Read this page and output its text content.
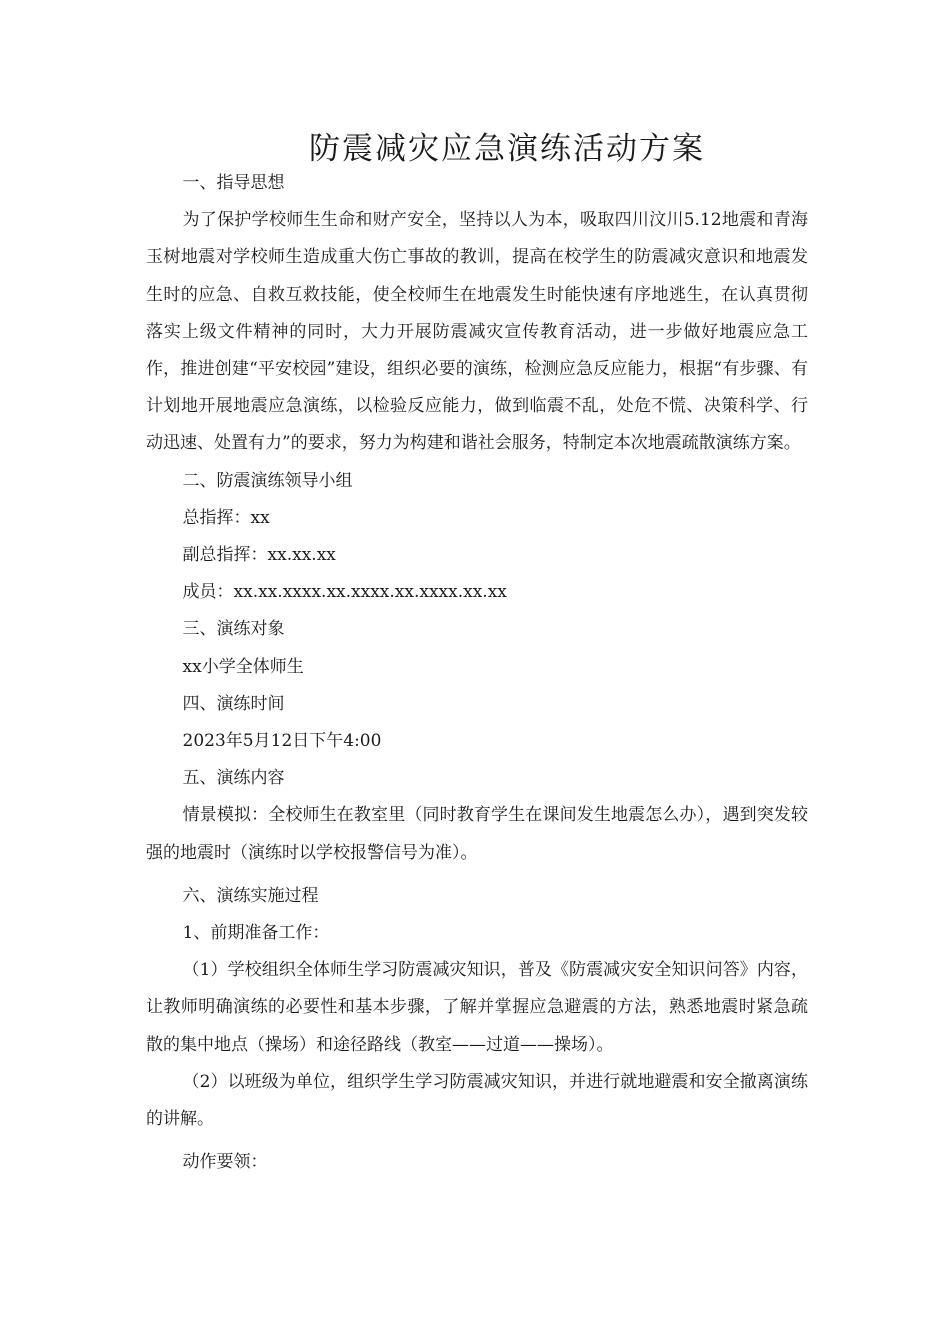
防震减灾应急演练活动方案

一、指导思想

为了保护学校师生生命和财产安全，坚持以人为本，吸取四川汶川5.12地震和青海玉树地震对学校师生造成重大伤亡事故的教训，提高在校学生的防震减灾意识和地震发生时的应急、自救互救技能，使全校师生在地震发生时能快速有序地逃生，在认真贯彻落实上级文件精神的同时，大力开展防震减灾宣传教育活动，进一步做好地震应急工作，推进创建“平安校园”建设，组织必要的演练，检测应急反应能力，根据“有步骤、有计划地开展地震应急演练，以检验反应能力，做到临震不乱，处危不慌、决策科学、行动迅速、处置有力”的要求，努力为构建和谐社会服务，特制定本次地震疏散演练方案。

二、防震演练领导小组

总指挥：xx

副总指挥：xx.xx.xx

成员：xx.xx.xxxx.xx.xxxx.xx.xxxx.xx.xx

三、演练对象

xx小学全体师生

四、演练时间

2023年5月12日下午4:00

五、演练内容

情景模拟：全校师生在教室里（同时教育学生在课间发生地震怎么办），遇到突发较强的地震时（演练时以学校报警信号为准）。

六、演练实施过程

1、前期准备工作：

（1）学校组织全体师生学习防震减灾知识，普及《防震减灾安全知识问答》内容，让教师明确演练的必要性和基本步骤，了解并掌握应急避震的方法，熟悉地震时紧急疏散的集中地点（操场）和途径路线（教室——过道——操场）。

（2）以班级为单位，组织学生学习防震减灾知识，并进行就地避震和安全撤离演练的讲解。

动作要领：
